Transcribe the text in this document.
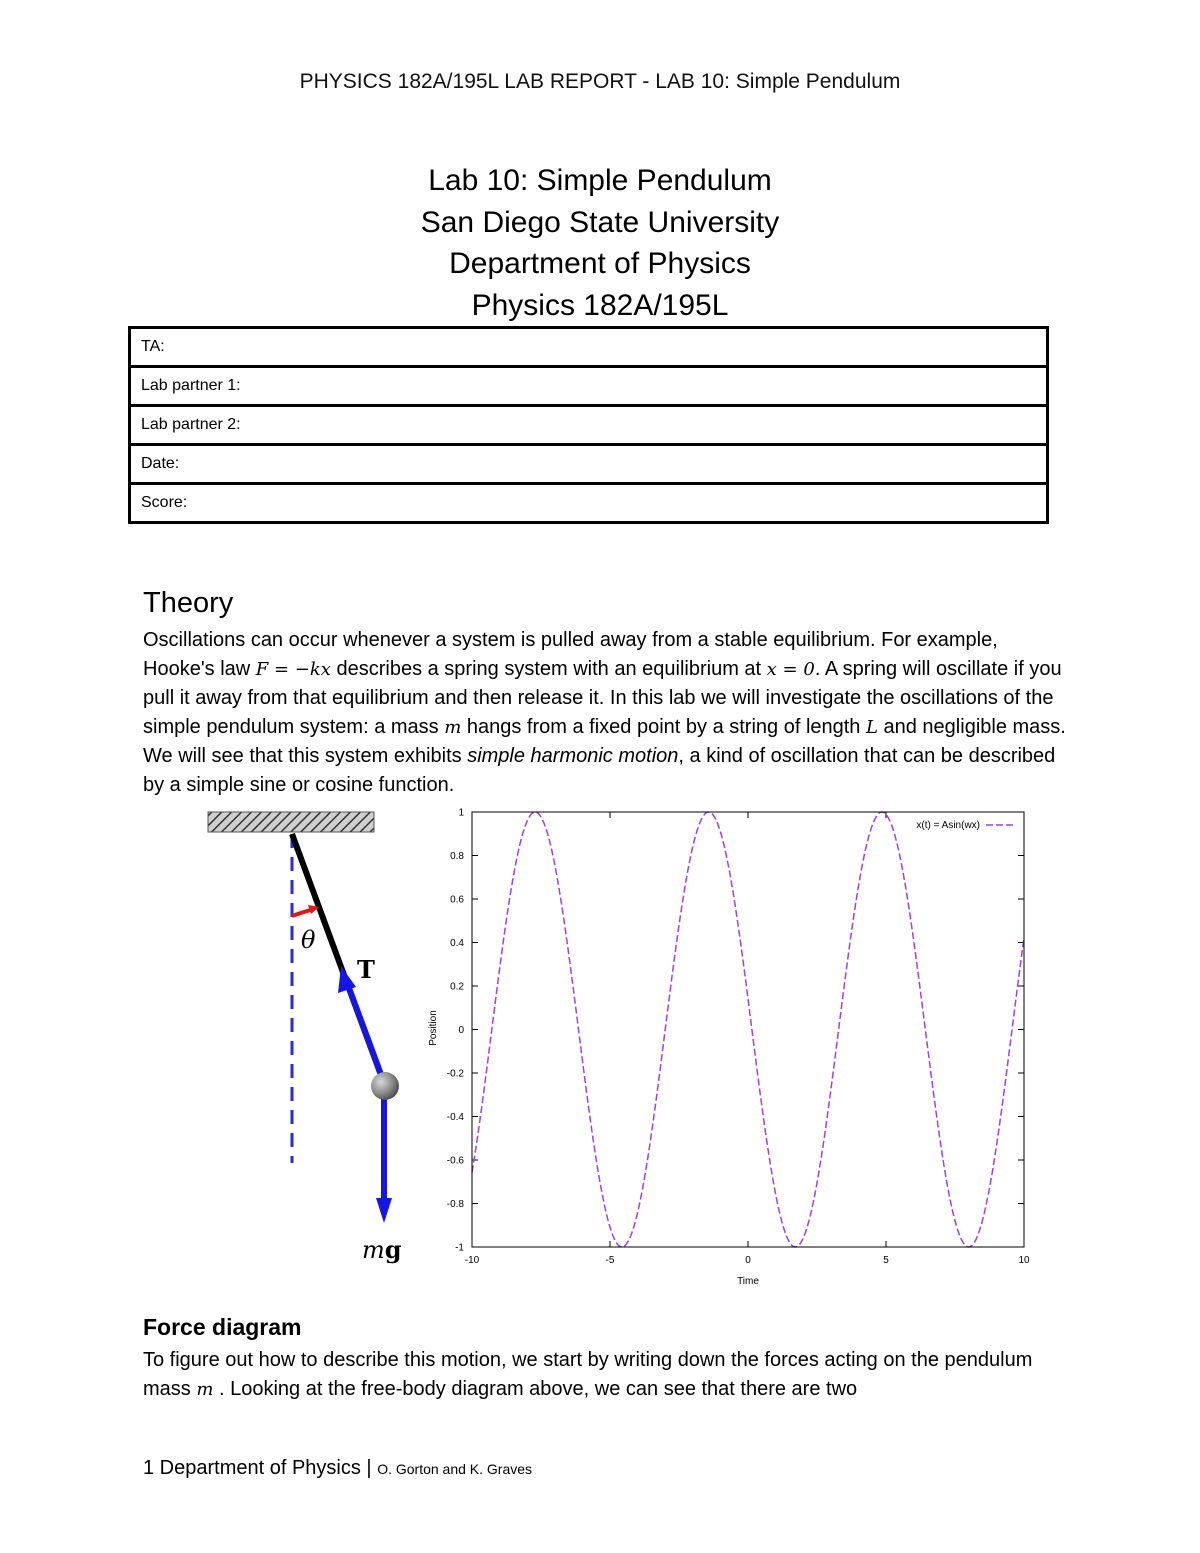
PHYSICS 182A/195L LAB REPORT - LAB 10: Simple Pendulum
Lab 10: Simple Pendulum
San Diego State University
Department of Physics
Physics 182A/195L
TA:
Lab partner 1:
Lab partner 2:
Date:
Score:
Theory
Oscillations can occur whenever a system is pulled away from a stable equilibrium. For example, Hooke's law F = −kx describes a spring system with an equilibrium at x = 0. A spring will oscillate if you pull it away from that equilibrium and then release it. In this lab we will investigate the oscillations of the simple pendulum system: a mass m hangs from a fixed point by a string of length L and negligible mass. We will see that this system exhibits simple harmonic motion, a kind of oscillation that can be described by a simple sine or cosine function.
θ
T
mg
Position
Time
-10	-5	0	5	10
1
0.8
0.6
0.4
0.2
0
-0.2
-0.4
-0.6
-0.8
-1
x(t) = Asin(wx)
Force diagram
To figure out how to describe this motion, we start by writing down the forces acting on the pendulum mass m . Looking at the free-body diagram above, we can see that there are two
1 Department of Physics | O. Gorton and K. Graves
